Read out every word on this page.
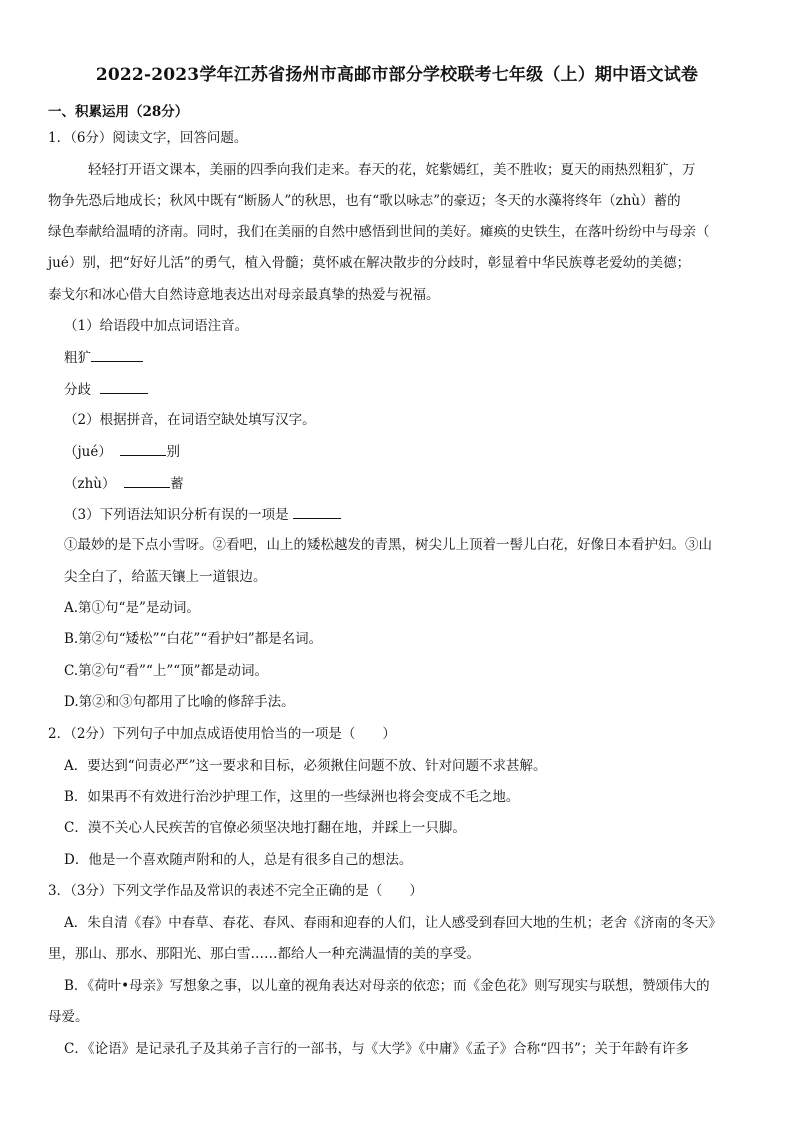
2022-2023学年江苏省扬州市高邮市部分学校联考七年级（上）期中语文试卷
一、积累运用（28分）
1．（6分）阅读文字，回答问题。
轻轻打开语文课本，美丽的四季向我们走来。春天的花，姹紫嫣红，美不胜收；夏天的雨热烈粗犷，万
物争先恐后地成长；秋风中既有“断肠人”的秋思，也有“歌以咏志”的豪迈；冬天的水藻将终年（zhù）蓄的
绿色奉献给温晴的济南。同时，我们在美丽的自然中感悟到世间的美好。瘫痪的史铁生，在落叶纷纷中与母亲（
jué）别，把“好好儿活”的勇气，植入骨髓；莫怀戚在解决散步的分歧时，彰显着中华民族尊老爱幼的美德；
泰戈尔和冰心借大自然诗意地表达出对母亲最真挚的热爱与祝福。
（1）给语段中加点词语注音。
粗犷
分歧
（2）根据拼音，在词语空缺处填写汉字。
（jué）	别
（zhù）	蓄
（3）下列语法知识分析有误的一项是
①最妙的是下点小雪呀。②看吧，山上的矮松越发的青黑，树尖儿上顶着一髻儿白花，好像日本看护妇。③山
尖全白了，给蓝天镶上一道银边。
A.第①句“是”是动词。
B.第②句“矮松”“白花”“看护妇”都是名词。
C.第②句“看”“上”“顶”都是动词。
D.第②和③句都用了比喻的修辞手法。
2．（2分）下列句子中加点成语使用恰当的一项是（　　）
A．要达到“问责必严”这一要求和目标，必须揪住问题不放、针对问题不求甚解。
B．如果再不有效进行治沙护理工作，这里的一些绿洲也将会变成不毛之地。
C．漠不关心人民疾苦的官僚必须坚决地打翻在地，并踩上一只脚。
D．他是一个喜欢随声附和的人，总是有很多自己的想法。
3．（3分）下列文学作品及常识的表述不完全正确的是（　　）
A．朱自清《春》中春草、春花、春风、春雨和迎春的人们，让人感受到春回大地的生机；老舍《济南的冬天》
里，那山、那水、那阳光、那白雪……都给人一种充满温情的美的享受。
B．《荷叶•母亲》写想象之事，以儿童的视角表达对母亲的依恋；而《金色花》则写现实与联想，赞颂伟大的
母爱。
C．《论语》是记录孔子及其弟子言行的一部书，与《大学》《中庸》《孟子》合称“四书”；关于年龄有许多
